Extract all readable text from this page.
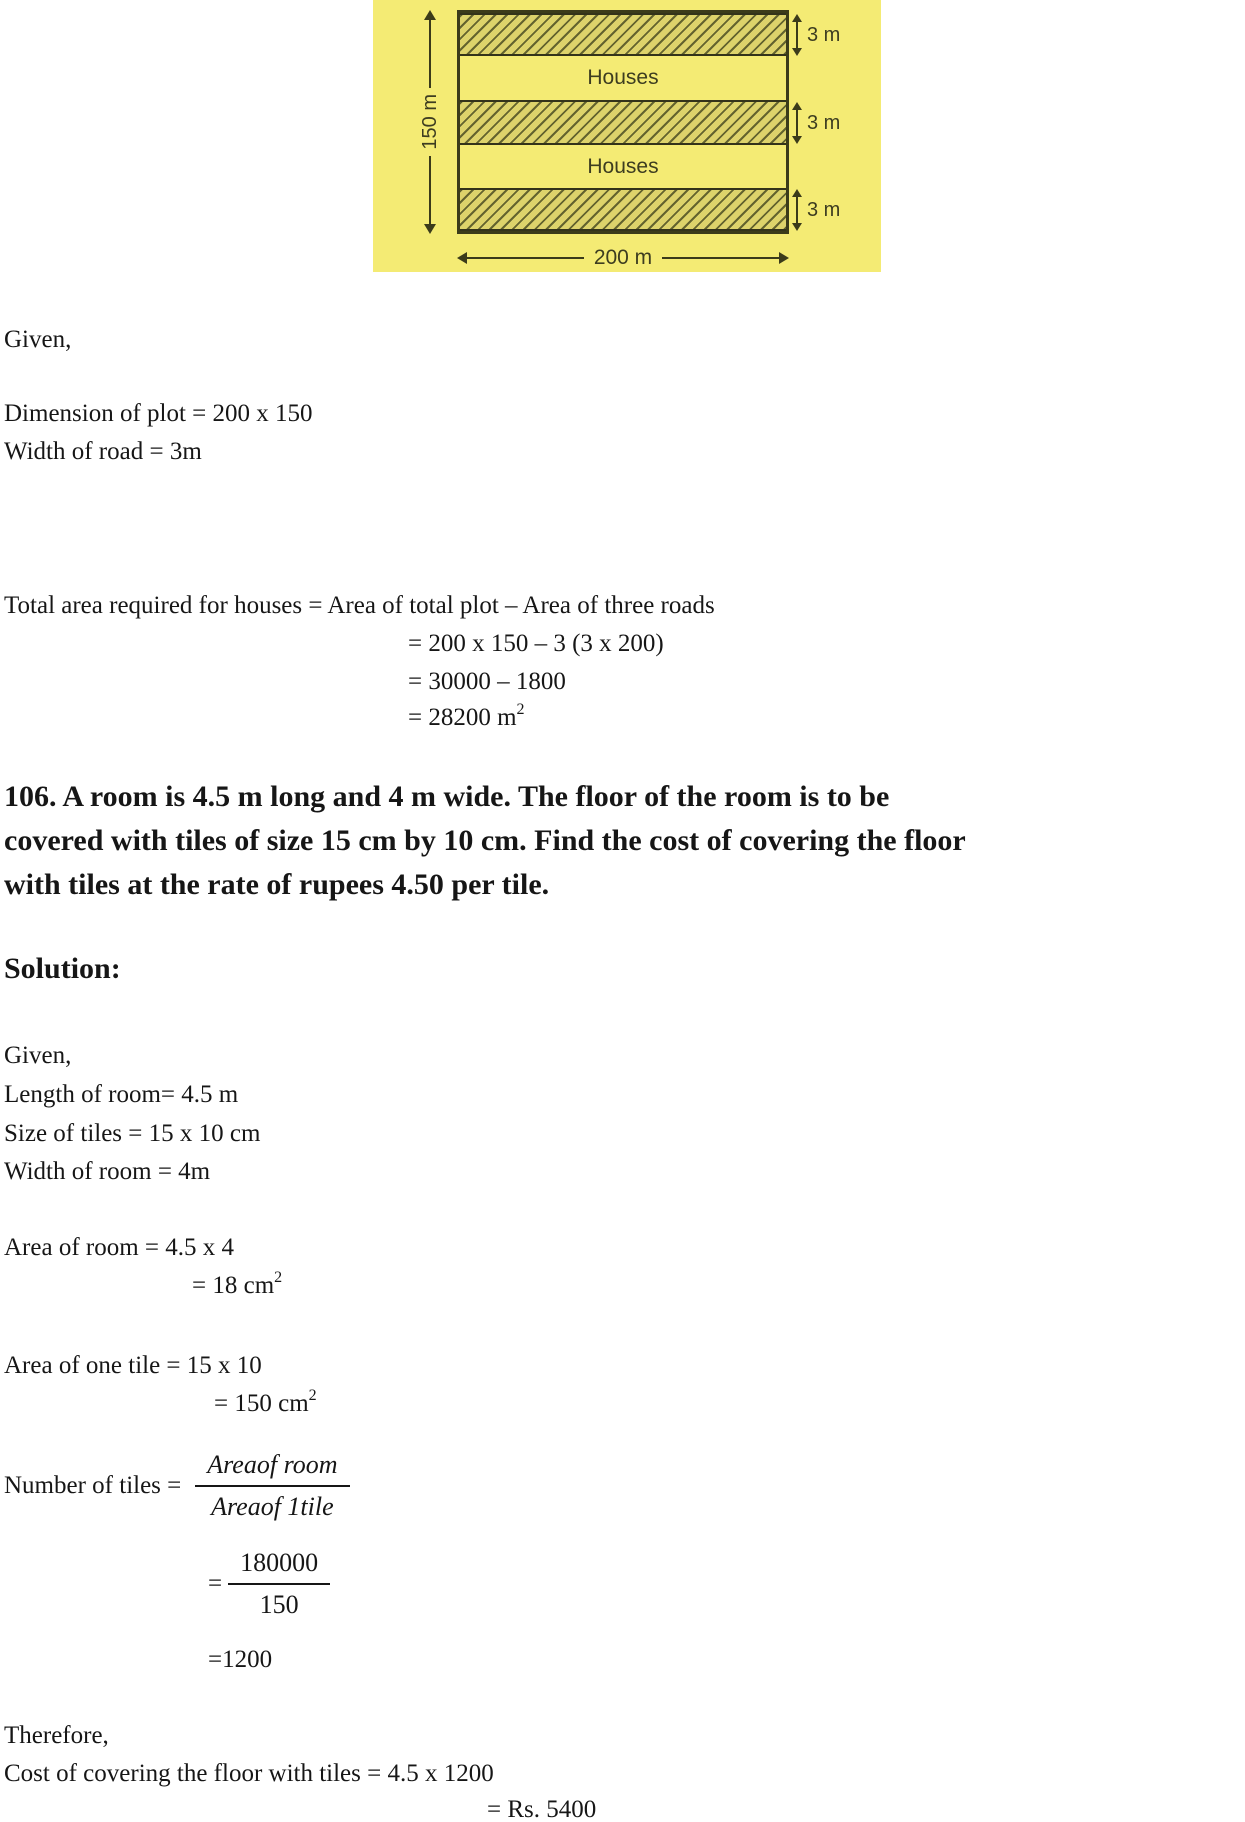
Houses
Houses
150 m
200 m
3 m
3 m
3 m
Given,
Dimension of plot = 200 x 150
Width of road = 3m
Total area required for houses = Area of total plot – Area of three roads
= 200 x 150 – 3 (3 x 200)
= 30000 – 1800
= 28200 $m^2$
106. A room is 4.5 m long and 4 m wide. The floor of the room is to be
covered with tiles of size 15 cm by 10 cm. Find the cost of covering the floor
with tiles at the rate of rupees 4.50 per tile.
Solution:
Given,
Length of room= 4.5 m
Size of tiles = 15 x 10 cm
Width of room = 4m
Area of room = 4.5 x 4
= 18 $cm^2$
Area of one tile = 15 x 10
= 150 $cm^2$
Number of tiles = $\frac{\text{Areaof room}}{\text{Areaof 1tile}}$
= $\frac{180000}{150}$
=1200
Therefore,
Cost of covering the floor with tiles = 4.5 x 1200
= Rs. 5400
